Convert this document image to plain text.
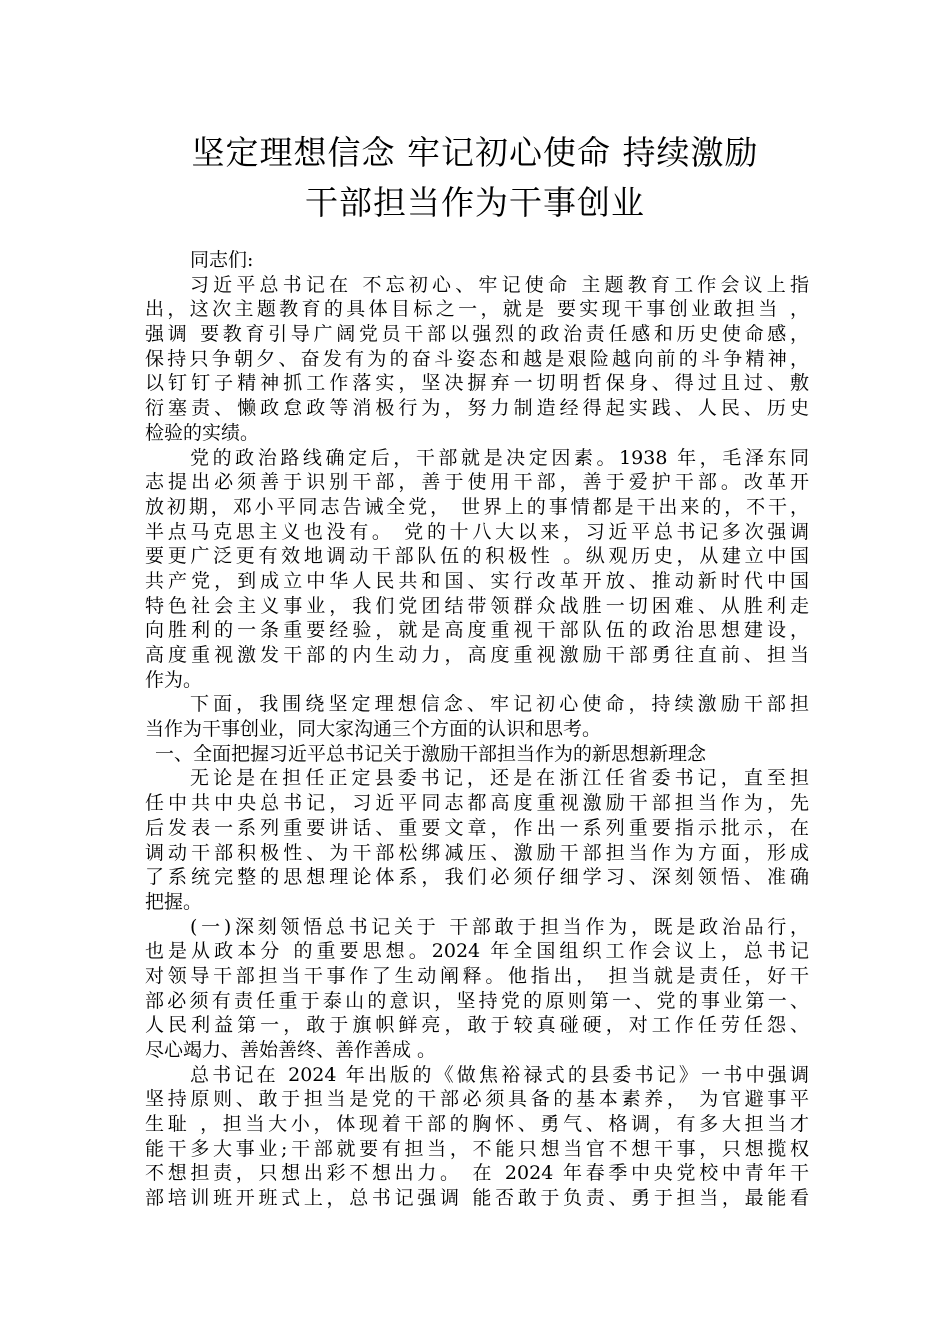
坚定理想信念 牢记初心使命 持续激励
干部担当作为干事创业
同志们:
习近平总书记在 不忘初心、牢记使命 主题教育工作会议上指
出，这次主题教育的具体目标之一，就是 要实现干事创业敢担当 ，
强调 要教育引导广阔党员干部以强烈的政治责任感和历史使命感，
保持只争朝夕、奋发有为的奋斗姿态和越是艰险越向前的斗争精神，
以钉钉子精神抓工作落实，坚决摒弃一切明哲保身、得过且过、敷
衍塞责、懒政怠政等消极行为，努力制造经得起实践、人民、历史
检验的实绩。
党的政治路线确定后，干部就是决定因素。1938 年，毛泽东同
志提出必须善于识别干部，善于使用干部，善于爱护干部。改革开
放初期，邓小平同志告诫全党， 世界上的事情都是干出来的，不干，
半点马克思主义也没有。 党的十八大以来，习近平总书记多次强调
要更广泛更有效地调动干部队伍的积极性 。纵观历史，从建立中国
共产党，到成立中华人民共和国、实行改革开放、推动新时代中国
特色社会主义事业，我们党团结带领群众战胜一切困难、从胜利走
向胜利的一条重要经验，就是高度重视干部队伍的政治思想建设，
高度重视激发干部的内生动力，高度重视激励干部勇往直前、担当
作为。
下面，我围绕坚定理想信念、牢记初心使命，持续激励干部担
当作为干事创业，同大家沟通三个方面的认识和思考。
一、全面把握习近平总书记关于激励干部担当作为的新思想新理念
无论是在担任正定县委书记，还是在浙江任省委书记，直至担
任中共中央总书记，习近平同志都高度重视激励干部担当作为，先
后发表一系列重要讲话、重要文章，作出一系列重要指示批示，在
调动干部积极性、为干部松绑减压、激励干部担当作为方面，形成
了系统完整的思想理论体系，我们必须仔细学习、深刻领悟、准确
把握。
(一)深刻领悟总书记关于 干部敢于担当作为，既是政治品行，
也是从政本分 的重要思想。2024 年全国组织工作会议上，总书记
对领导干部担当干事作了生动阐释。他指出， 担当就是责任，好干
部必须有责任重于泰山的意识，坚持党的原则第一、党的事业第一、
人民利益第一，敢于旗帜鲜亮，敢于较真碰硬，对工作任劳任怨、
尽心竭力、善始善终、善作善成 。
总书记在 2024 年出版的《做焦裕禄式的县委书记》一书中强调
坚持原则、敢于担当是党的干部必须具备的基本素养， 为官避事平
生耻 ，担当大小，体现着干部的胸怀、勇气、格调，有多大担当才
能干多大事业;干部就要有担当，不能只想当官不想干事，只想揽权
不想担责，只想出彩不想出力。 在 2024 年春季中央党校中青年干
部培训班开班式上，总书记强调 能否敢于负责、勇于担当，最能看
